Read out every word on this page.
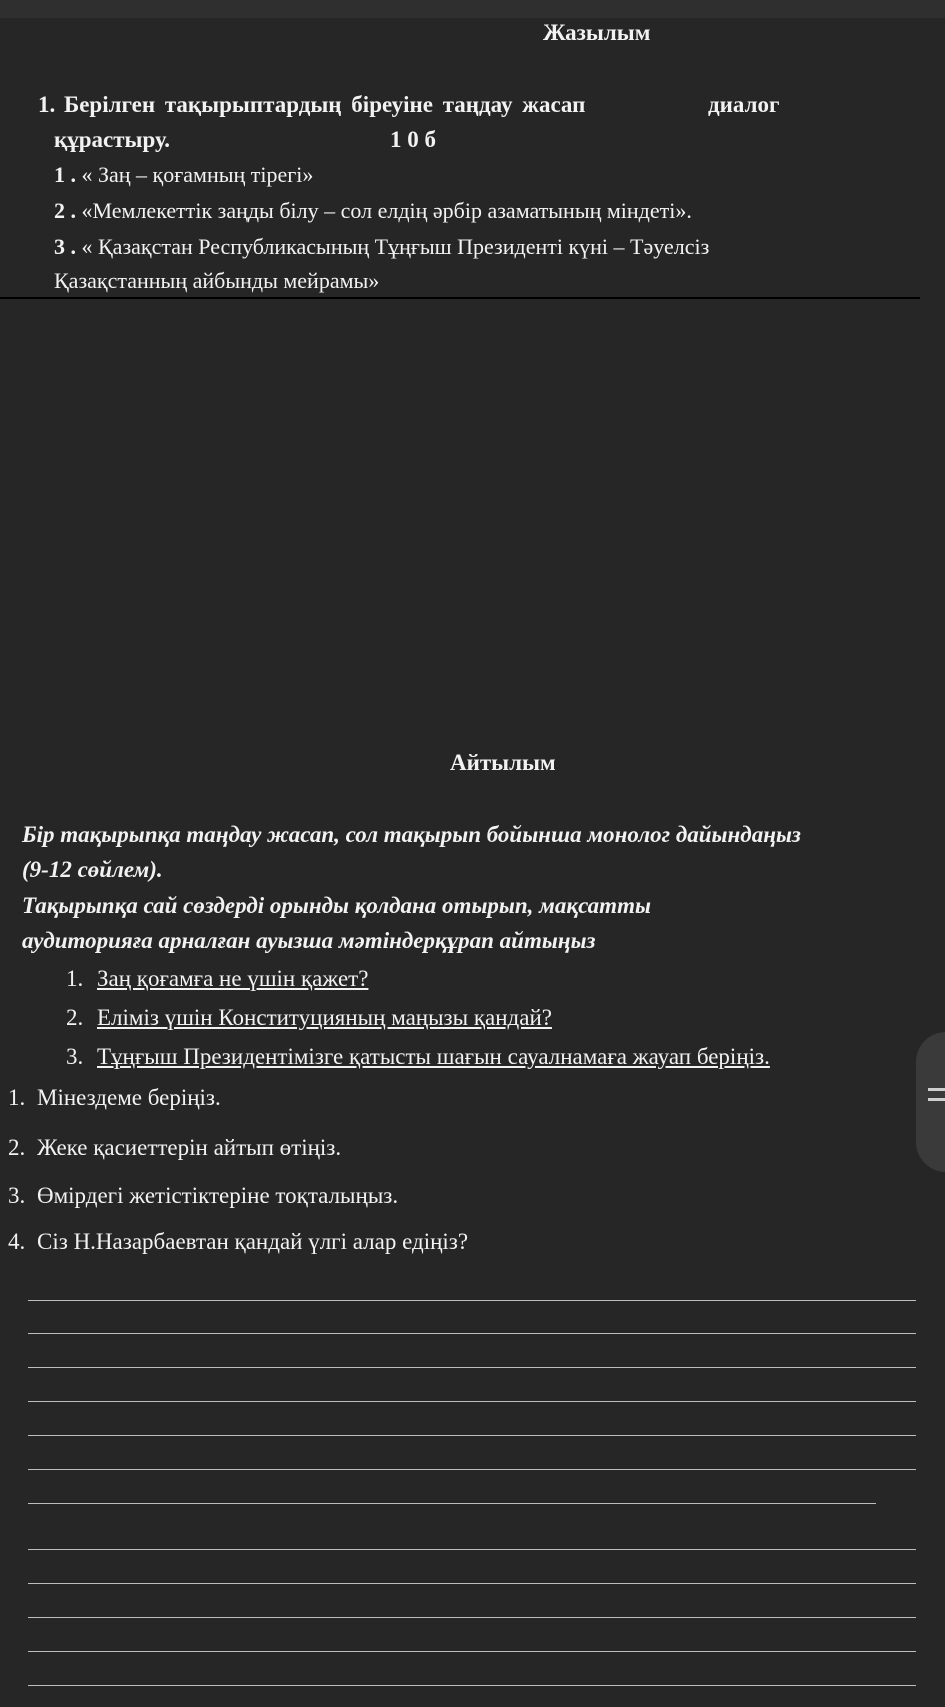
Жазылым
1. Берілген тақырыптардың біреуіне таңдау жасап	диалог
құрастыру.	1 0 б
1 . « Заң – қоғамның тірегі»
2 . «Мемлекеттік заңды білу – сол елдің әрбір азаматының міндеті».
3 . « Қазақстан Республикасының Тұңғыш Президенті күні – Тәуелсіз
Қазақстанның айбынды мейрамы»
Айтылым
Бір тақырыпқа таңдау жасап, сол тақырып бойынша монолог дайындаңыз
(9-12 сөйлем).
Тақырыпқа сай сөздерді орынды қолдана отырып, мақсатты
аудиторияға арналған ауызша мәтіндерқұрап айтыңыз
1. Заң қоғамға не үшін қажет?
2. Еліміз үшін Конституцияның маңызы қандай?
3. Тұңғыш Президентімізге қатысты шағын сауалнамаға жауап беріңіз.
1. Мінездеме беріңіз.
2. Жеке қасиеттерін айтып өтіңіз.
3. Өмірдегі жетістіктеріне тоқталыңыз.
4. Сіз Н.Назарбаевтан қандай үлгі алар едіңіз?
